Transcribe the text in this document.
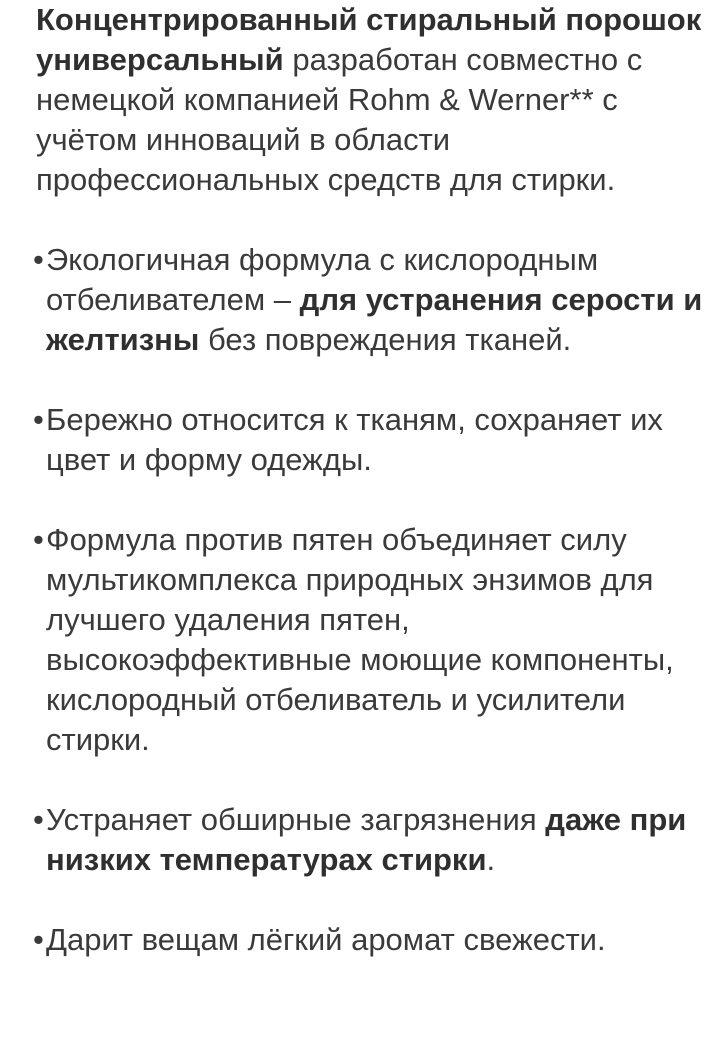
Концентрированный стиральный порошок универсальный разработан совместно с немецкой компанией Rohm & Werner** с учётом инноваций в области профессиональных средств для стирки.

• Экологичная формула с кислородным отбеливателем – для устранения серости и желтизны без повреждения тканей.

• Бережно относится к тканям, сохраняет их цвет и форму одежды.

• Формула против пятен объединяет силу мультикомплекса природных энзимов для лучшего удаления пятен, высокоэффективные моющие компоненты, кислородный отбеливатель и усилители стирки.

• Устраняет обширные загрязнения даже при низких температурах стирки.

• Дарит вещам лёгкий аромат свежести.
